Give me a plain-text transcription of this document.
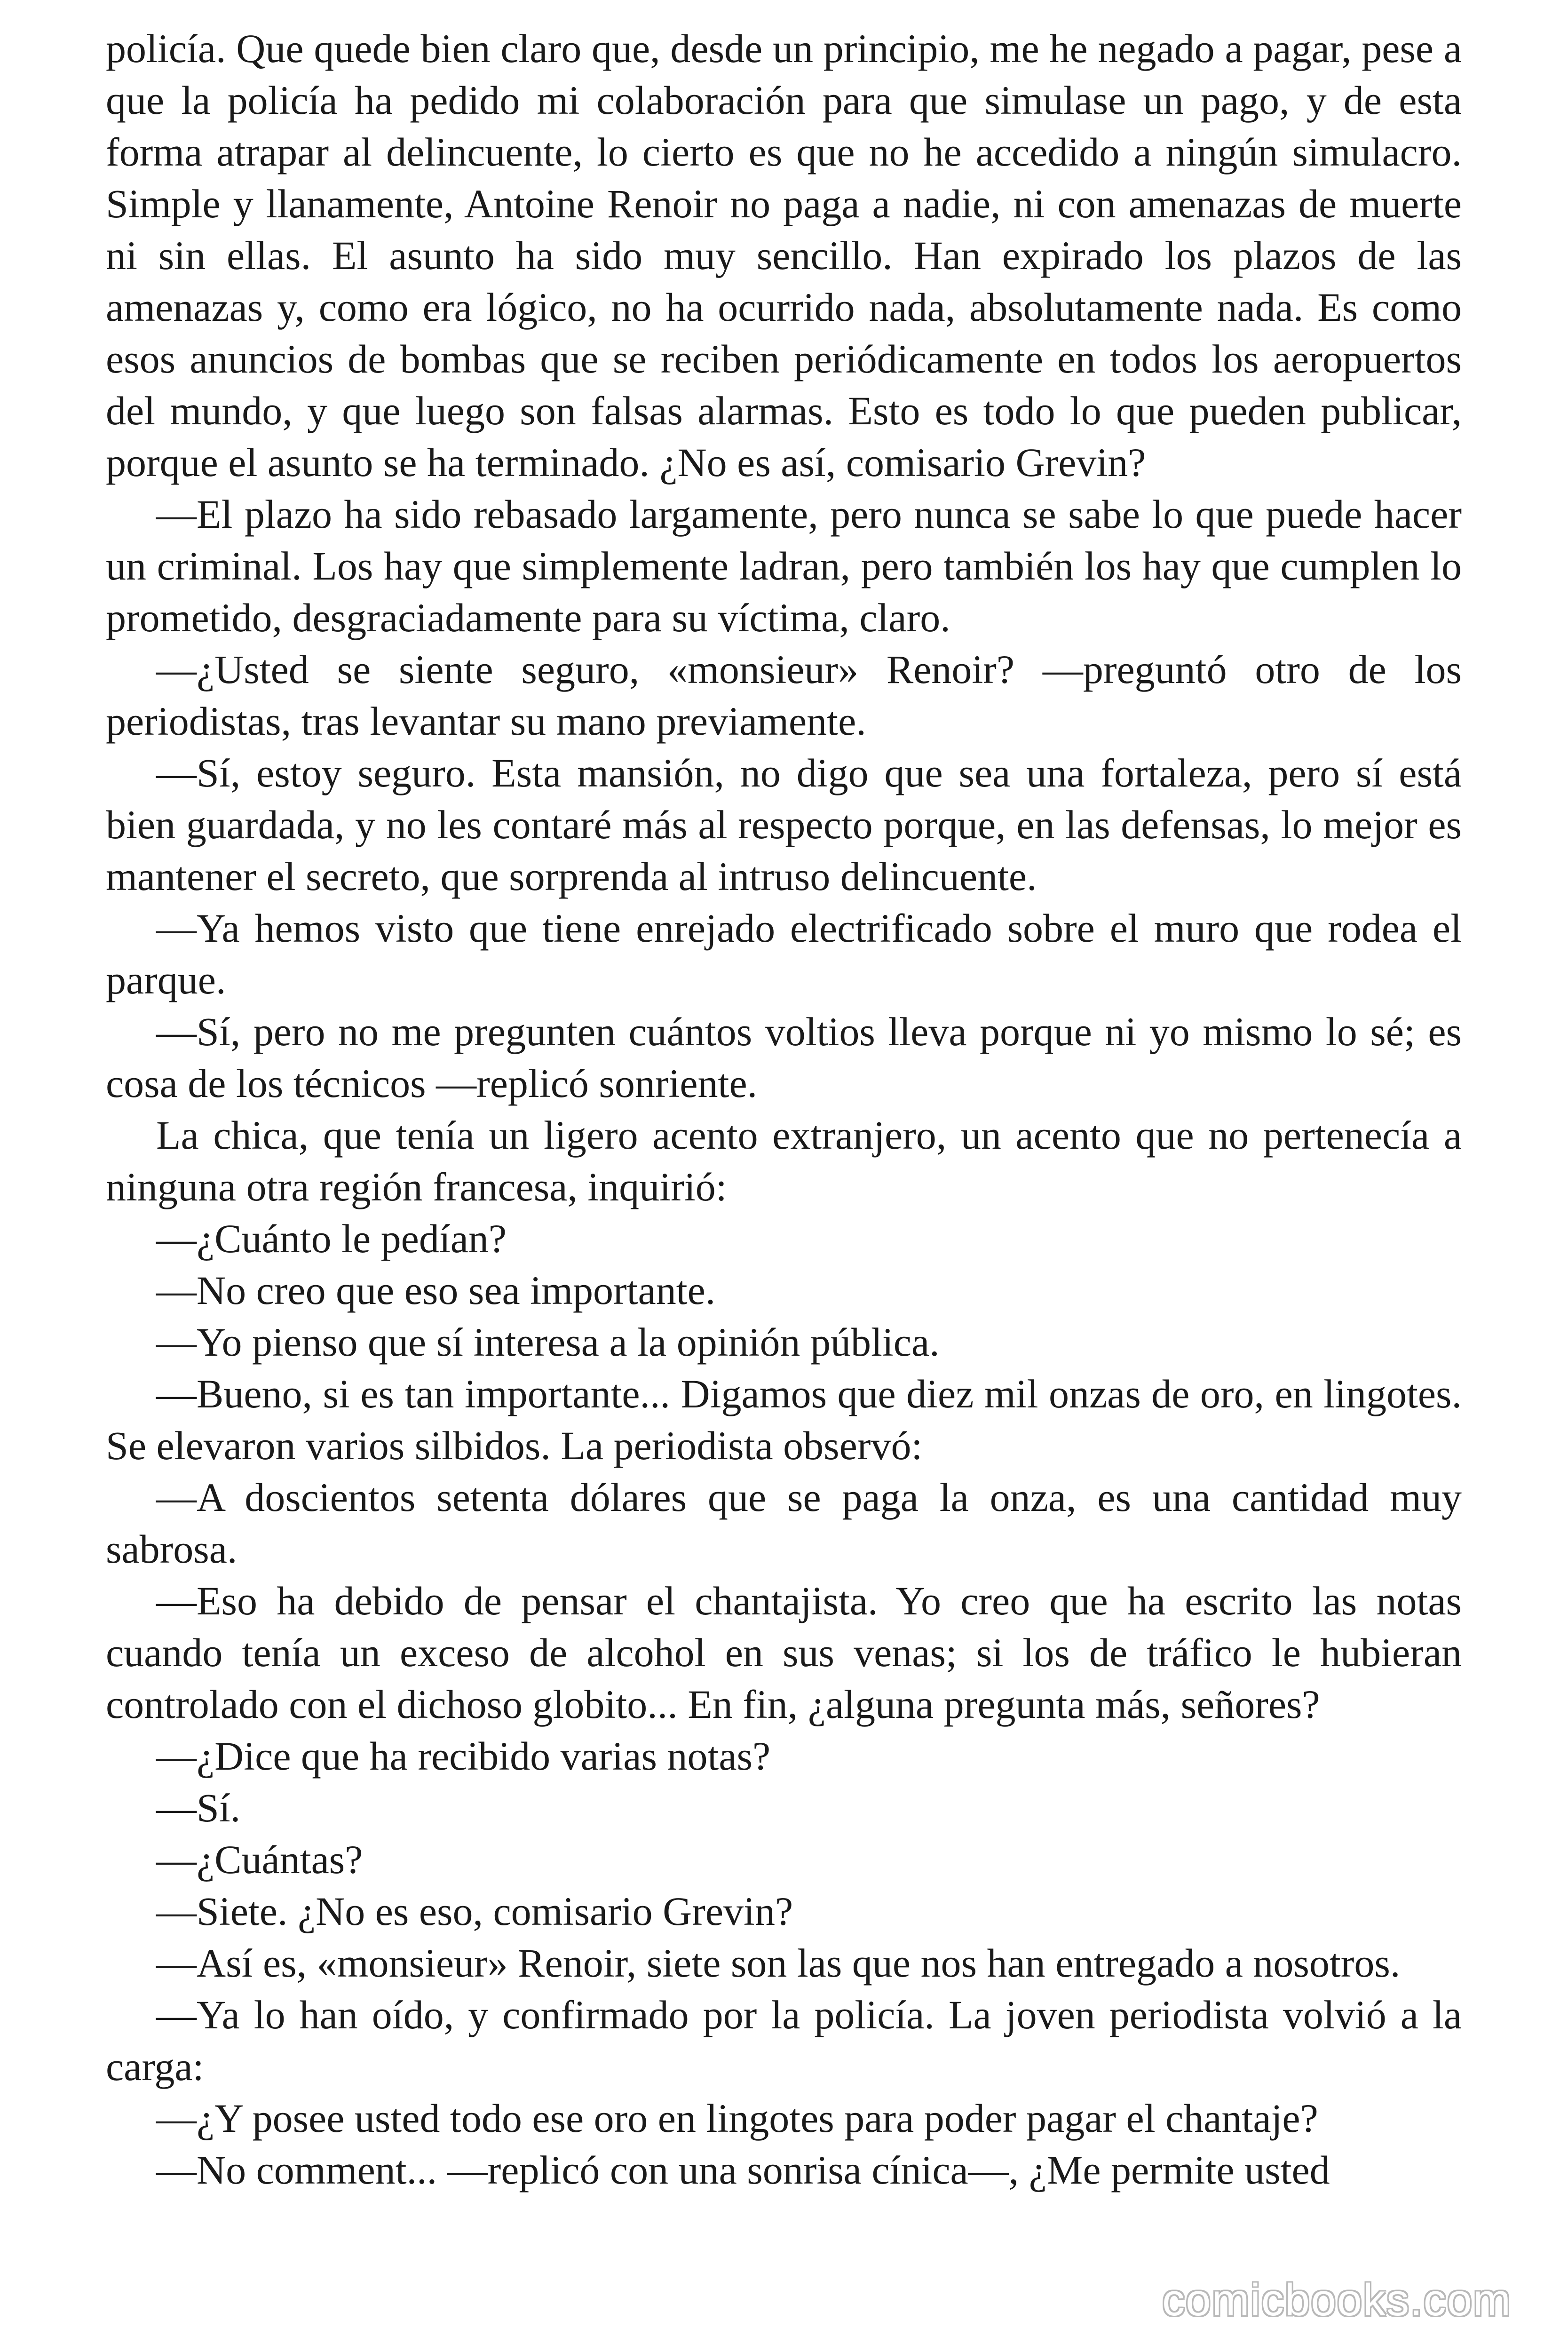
policía. Que quede bien claro que, desde un principio, me he negado a pagar, pese a que la policía ha pedido mi colaboración para que simulase un pago, y de esta forma atrapar al delincuente, lo cierto es que no he accedido a ningún simulacro. Simple y llanamente, Antoine Renoir no paga a nadie, ni con amenazas de muerte ni sin ellas. El asunto ha sido muy sencillo. Han expirado los plazos de las amenazas y, como era lógico, no ha ocurrido nada, absolutamente nada. Es como esos anuncios de bombas que se reciben periódicamente en todos los aeropuertos del mundo, y que luego son falsas alarmas. Esto es todo lo que pueden publicar, porque el asunto se ha terminado. ¿No es así, comisario Grevin?

—El plazo ha sido rebasado largamente, pero nunca se sabe lo que puede hacer un criminal. Los hay que simplemente ladran, pero también los hay que cumplen lo prometido, desgraciadamente para su víctima, claro.

—¿Usted se siente seguro, «monsieur» Renoir? —preguntó otro de los periodistas, tras levantar su mano previamente.

—Sí, estoy seguro. Esta mansión, no digo que sea una fortaleza, pero sí está bien guardada, y no les contaré más al respecto porque, en las defensas, lo mejor es mantener el secreto, que sorprenda al intruso delincuente.

—Ya hemos visto que tiene enrejado electrificado sobre el muro que rodea el parque.

—Sí, pero no me pregunten cuántos voltios lleva porque ni yo mismo lo sé; es cosa de los técnicos —replicó sonriente.

La chica, que tenía un ligero acento extranjero, un acento que no pertenecía a ninguna otra región francesa, inquirió:

—¿Cuánto le pedían?

—No creo que eso sea importante.

—Yo pienso que sí interesa a la opinión pública.

—Bueno, si es tan importante... Digamos que diez mil onzas de oro, en lingotes. Se elevaron varios silbidos. La periodista observó:

—A doscientos setenta dólares que se paga la onza, es una cantidad muy sabrosa.

—Eso ha debido de pensar el chantajista. Yo creo que ha escrito las notas cuando tenía un exceso de alcohol en sus venas; si los de tráfico le hubieran controlado con el dichoso globito... En fin, ¿alguna pregunta más, señores?

—¿Dice que ha recibido varias notas?

—Sí.

—¿Cuántas?

—Siete. ¿No es eso, comisario Grevin?

—Así es, «monsieur» Renoir, siete son las que nos han entregado a nosotros.

—Ya lo han oído, y confirmado por la policía. La joven periodista volvió a la carga:

—¿Y posee usted todo ese oro en lingotes para poder pagar el chantaje?

—No comment... —replicó con una sonrisa cínica—, ¿Me permite usted

comicbooks.com
